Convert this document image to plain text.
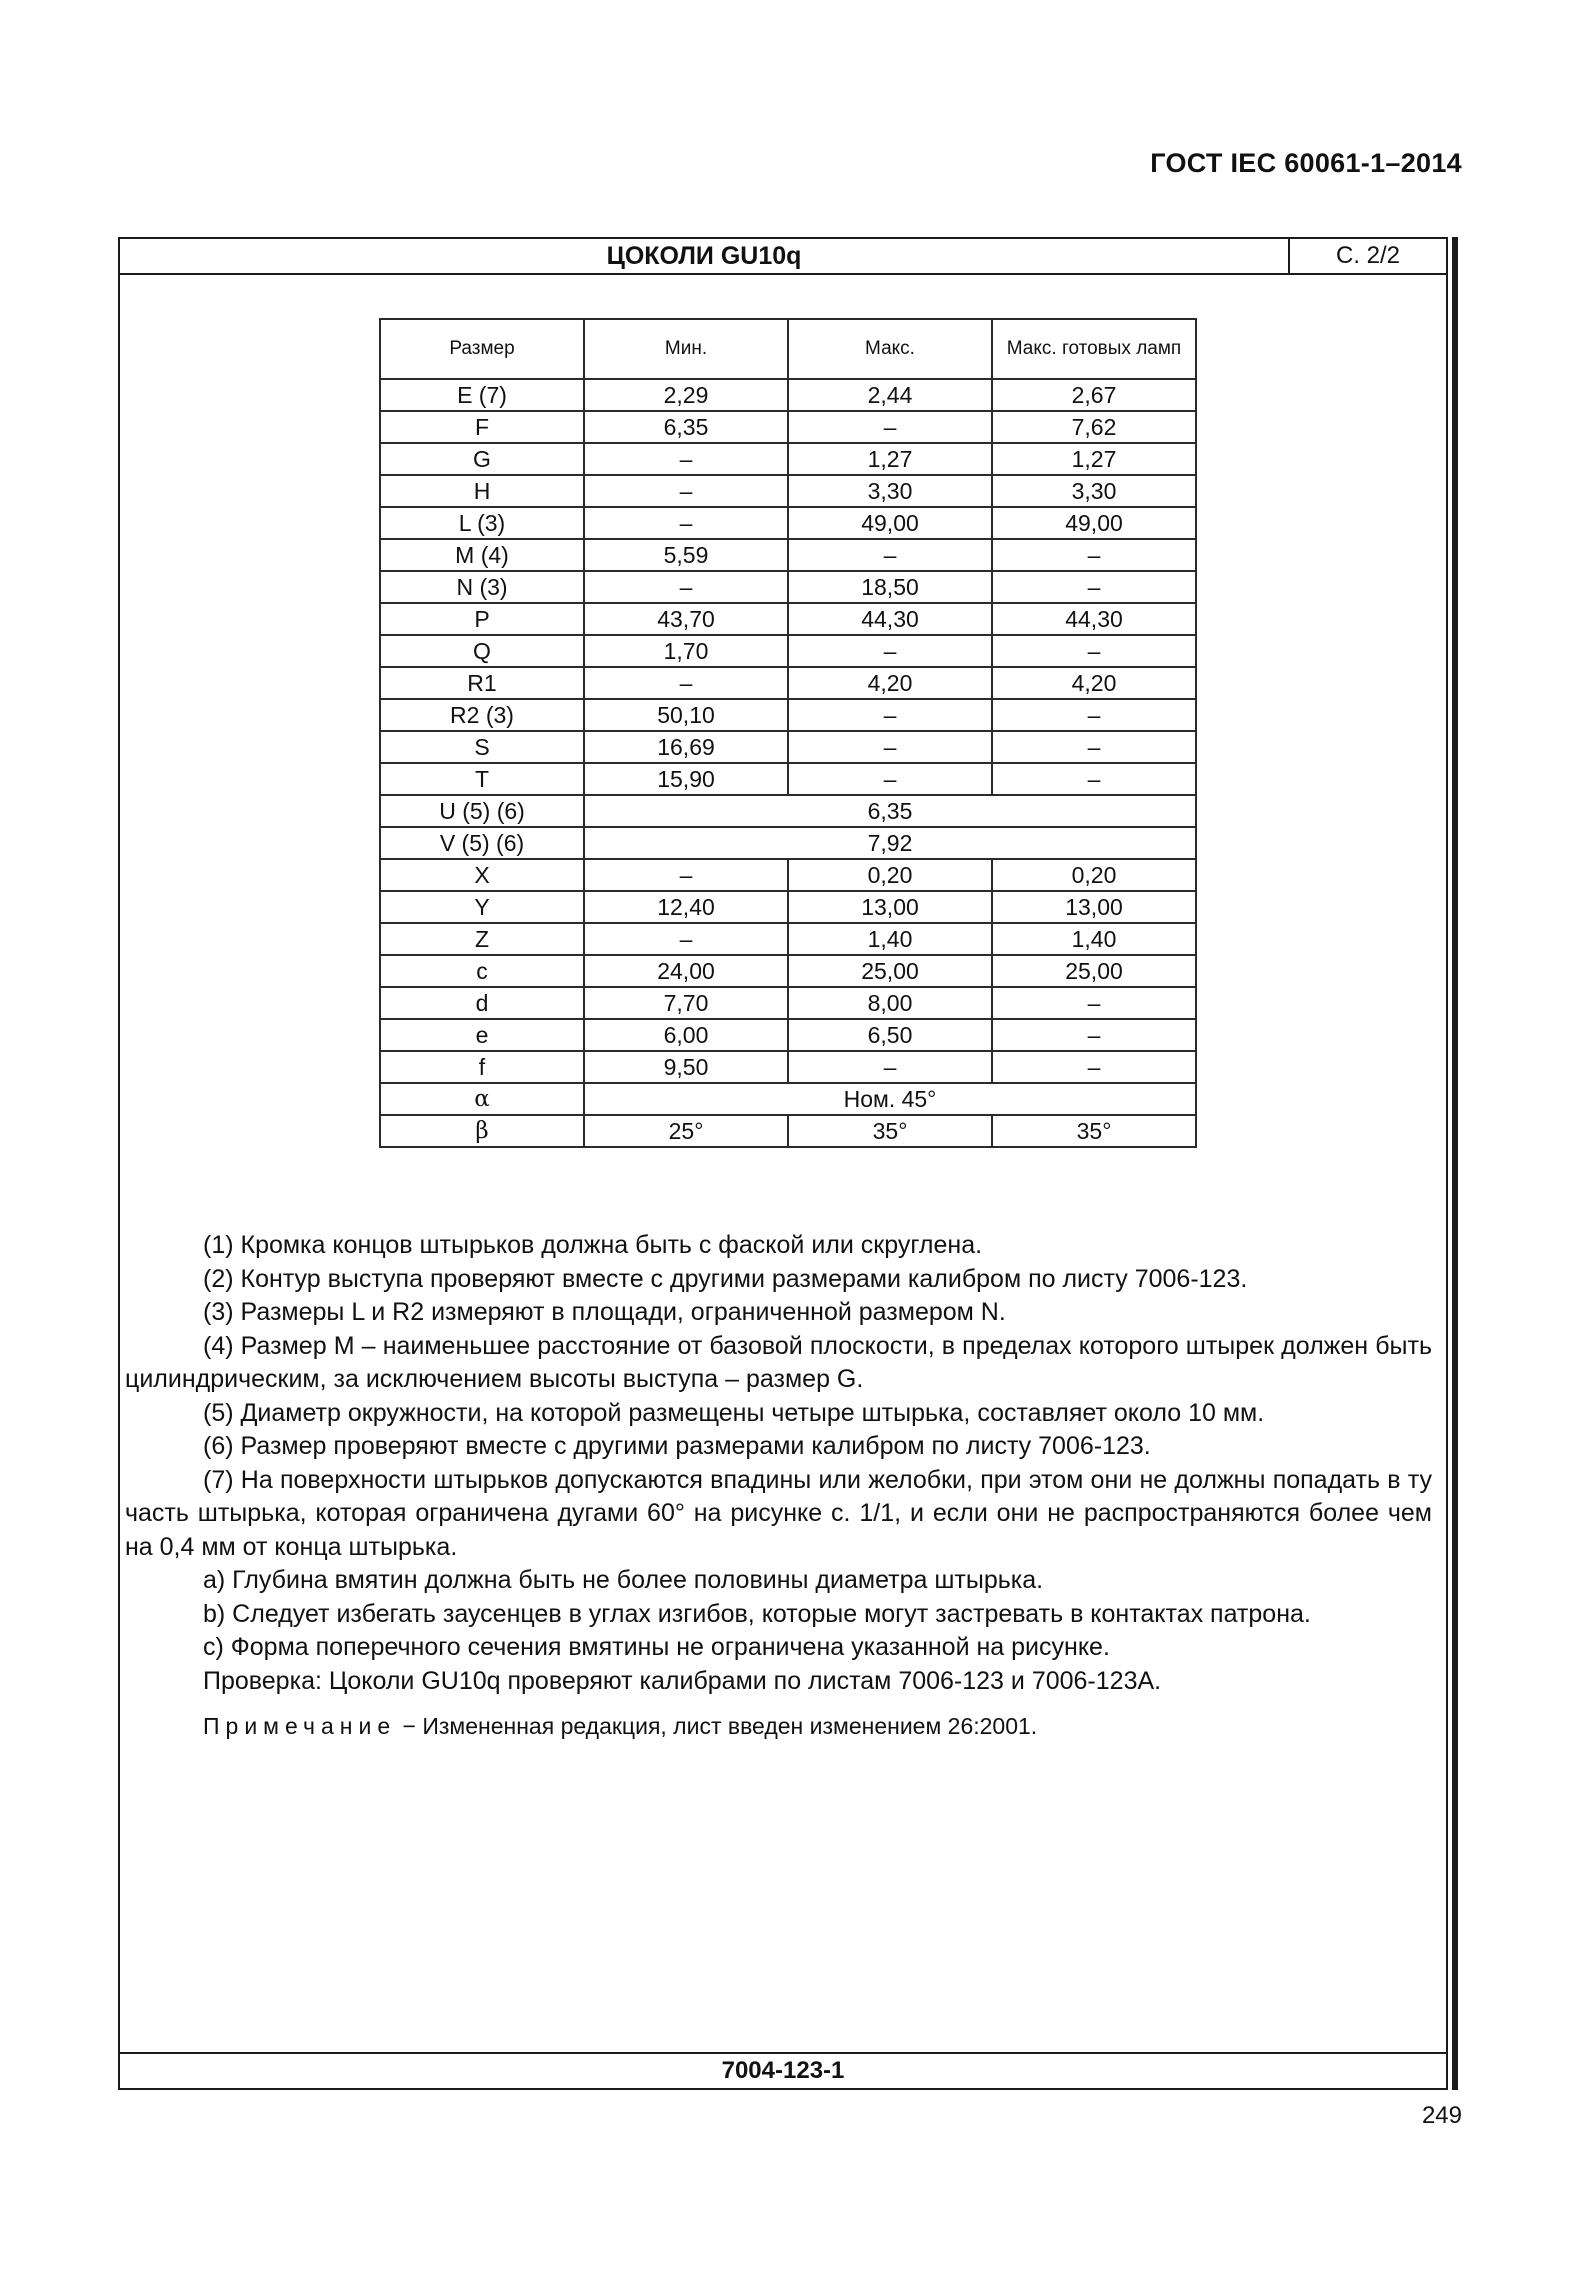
ГОСТ IEC 60061-1–2014
ЦОКОЛИ GU10q	С. 2/2
Размер	Мин.	Макс.	Макс. готовых ламп
E (7)	2,29	2,44	2,67
F	6,35	–	7,62
G	–	1,27	1,27
H	–	3,30	3,30
L (3)	–	49,00	49,00
M (4)	5,59	–	–
N (3)	–	18,50	–
P	43,70	44,30	44,30
Q	1,70	–	–
R1	–	4,20	4,20
R2 (3)	50,10	–	–
S	16,69	–	–
T	15,90	–	–
U (5) (6)	6,35		
V (5) (6)	7,92		
X	–	0,20	0,20
Y	12,40	13,00	13,00
Z	–	1,40	1,40
c	24,00	25,00	25,00
d	7,70	8,00	–
e	6,00	6,50	–
f	9,50	–	–
α	Ном. 45°		
β	25°	35°	35°

(1) Кромка концов штырьков должна быть с фаской или скруглена.

(2) Контур выступа проверяют вместе с другими размерами калибром по листу 7006-123.

(3) Размеры L и R2 измеряют в площади, ограниченной размером N.

(4) Размер M – наименьшее расстояние от базовой плоскости, в пределах которого штырек должен быть цилиндрическим, за исключением высоты выступа – размер G.

(5) Диаметр окружности, на которой размещены четыре штырька, составляет около 10 мм.

(6) Размер проверяют вместе с другими размерами калибром по листу 7006-123.

(7) На поверхности штырьков допускаются впадины или желобки, при этом они не должны попадать в ту часть штырька, которая ограничена дугами 60° на рисунке с. 1/1, и если они не распространяются более чем на 0,4 мм от конца штырька.

a) Глубина вмятин должна быть не более половины диаметра штырька.

b) Следует избегать заусенцев в углах изгибов, которые могут застревать в контактах патрона.

c) Форма поперечного сечения вмятины не ограничена указанной на рисунке.

Проверка: Цоколи GU10q проверяют калибрами по листам 7006-123 и 7006-123A.

Примечание − Измененная редакция, лист введен изменением 26:2001.

7004-123-1
249
